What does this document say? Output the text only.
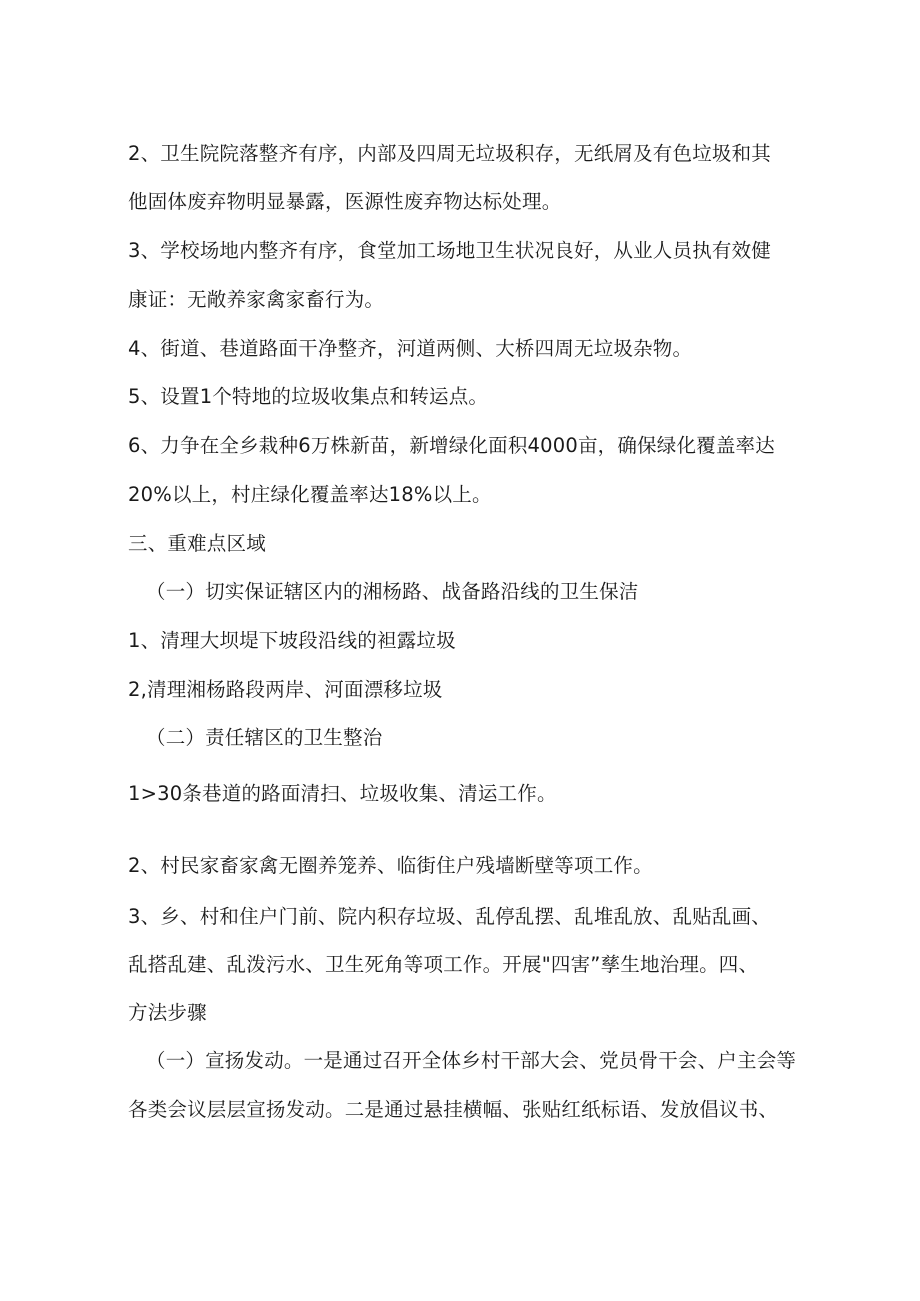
2、卫生院院落整齐有序，内部及四周无垃圾积存，无纸屑及有色垃圾和其
他固体废弃物明显暴露，医源性废弃物达标处理。
3、学校场地内整齐有序，食堂加工场地卫生状况良好，从业人员执有效健
康证：无敞养家禽家畜行为。
4、街道、巷道路面干净整齐，河道两侧、大桥四周无垃圾杂物。
5、设置1个特地的垃圾收集点和转运点。
6、力争在全乡栽种6万株新苗，新增绿化面积4000亩，确保绿化覆盖率达
20%以上，村庄绿化覆盖率达18%以上。
三、重难点区域
（一）切实保证辖区内的湘杨路、战备路沿线的卫生保洁
1、清理大坝堤下坡段沿线的袒露垃圾
2,清理湘杨路段两岸、河面漂移垃圾
（二）责任辖区的卫生整治
1>30条巷道的路面清扫、垃圾收集、清运工作。
2、村民家畜家禽无圈养笼养、临街住户残墙断壁等项工作。
3、乡、村和住户门前、院内积存垃圾、乱停乱摆、乱堆乱放、乱贴乱画、
乱搭乱建、乱泼污水、卫生死角等项工作。开展"四害”孳生地治理。四、
方法步骤
（一）宣扬发动。一是通过召开全体乡村干部大会、党员骨干会、户主会等
各类会议层层宣扬发动。二是通过悬挂横幅、张贴红纸标语、发放倡议书、
